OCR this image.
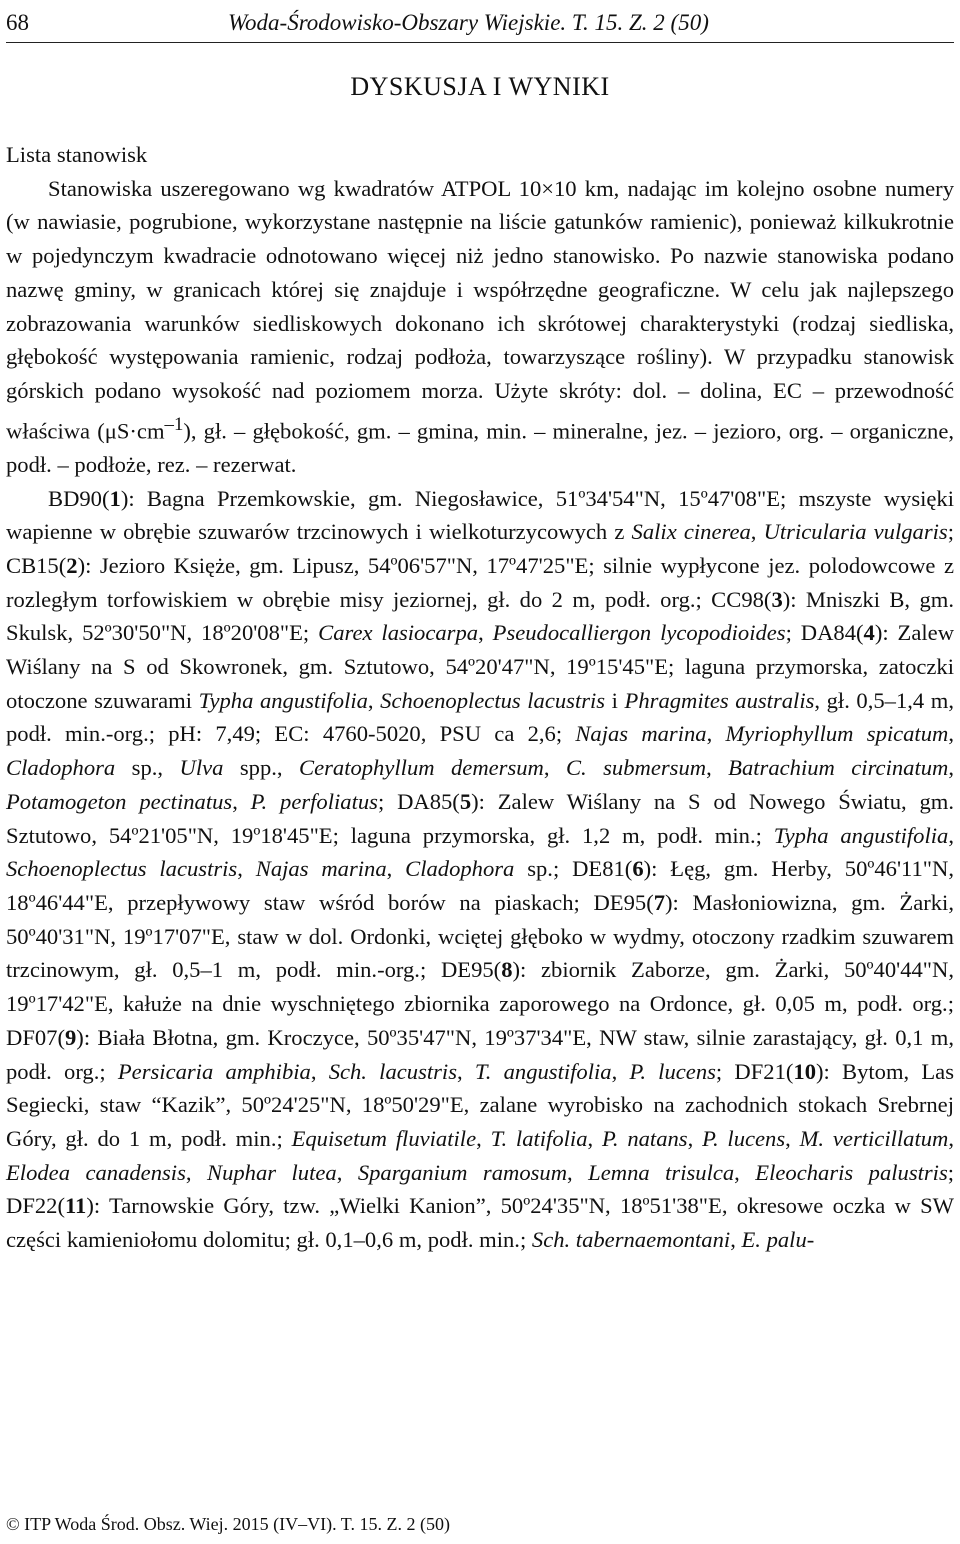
68	Woda-Środowisko-Obszary Wiejskie. T. 15. Z. 2 (50)
DYSKUSJA I WYNIKI
Lista stanowisk

Stanowiska uszeregowano wg kwadratów ATPOL 10×10 km, nadając im kolejno osobne numery (w nawiasie, pogrubione, wykorzystane następnie na liście gatunków ramienic), ponieważ kilkukrotnie w pojedynczym kwadracie odnotowano więcej niż jedno stanowisko. Po nazwie stanowiska podano nazwę gminy, w granicach której się znajduje i współrzędne geograficzne. W celu jak najlepszego zobrazowania warunków siedliskowych dokonano ich skrótowej charakterystyki (rodzaj siedliska, głębokość występowania ramienic, rodzaj podłoża, towarzyszące rośliny). W przypadku stanowisk górskich podano wysokość nad poziomem morza. Użyte skróty: dol. – dolina, EC – przewodność właściwa $(\mu S\cdot cm^{-1})$, gł. – głębokość, gm. – gmina, min. – mineralne, jez. – jezioro, org. – organiczne, podł. – podłoże, rez. – rezerwat.

BD90(1): Bagna Przemkowskie, gm. Niegosławice, 51º34'54"N, 15º47'08"E; mszyste wysięki wapienne w obrębie szuwarów trzcinowych i wielkoturzycowych z Salix cinerea, Utricularia vulgaris; CB15(2): Jezioro Księże, gm. Lipusz, 54º06'57"N, 17º47'25"E; silnie wypłycone jez. polodowcowe z rozległym torfowiskiem w obrębie misy jeziornej, gł. do 2 m, podł. org.; CC98(3): Mniszki B, gm. Skulsk, 52º30'50"N, 18º20'08"E; Carex lasiocarpa, Pseudocalliergon lycopodioides; DA84(4): Zalew Wiślany na S od Skowronek, gm. Sztutowo, 54º20'47"N, 19º15'45"E; laguna przymorska, zatoczki otoczone szuwarami Typha angustifolia, Schoenoplectus lacustris i Phragmites australis, gł. 0,5–1,4 m, podł. min.-org.; pH: 7,49; EC: 4760-5020, PSU ca 2,6; Najas marina, Myriophyllum spicatum, Cladophora sp., Ulva spp., Ceratophyllum demersum, C. submersum, Batrachium circinatum, Potamogeton pectinatus, P. perfoliatus; DA85(5): Zalew Wiślany na S od Nowego Światu, gm. Sztutowo, 54º21'05"N, 19º18'45"E; laguna przymorska, gł. 1,2 m, podł. min.; Typha angustifolia, Schoenoplectus lacustris, Najas marina, Cladophora sp.; DE81(6): Łęg, gm. Herby, 50º46'11"N, 18º46'44"E, przepływowy staw wśród borów na piaskach; DE95(7): Masłoniowizna, gm. Żarki, 50º40'31"N, 19º17'07"E, staw w dol. Ordonki, wciętej głęboko w wydmy, otoczony rzadkim szuwarem trzcinowym, gł. 0,5–1 m, podł. min.-org.; DE95(8): zbiornik Zaborze, gm. Żarki, 50º40'44"N, 19º17'42"E, kałuże na dnie wyschniętego zbiornika zaporowego na Ordonce, gł. 0,05 m, podł. org.; DF07(9): Biała Błotna, gm. Kroczyce, 50º35'47"N, 19º37'34"E, NW staw, silnie zarastający, gł. 0,1 m, podł. org.; Persicaria amphibia, Sch. lacustris, T. angustifolia, P. lucens; DF21(10): Bytom, Las Segiecki, staw “Kazik”, 50º24'25"N, 18º50'29"E, zalane wyrobisko na zachodnich stokach Srebrnej Góry, gł. do 1 m, podł. min.; Equisetum fluviatile, T. latifolia, P. natans, P. lucens, M. verticillatum, Elodea canadensis, Nuphar lutea, Sparganium ramosum, Lemna trisulca, Eleocharis palustris; DF22(11): Tarnowskie Góry, tzw. „Wielki Kanion”, 50º24'35"N, 18º51'38"E, okresowe oczka w SW części kamieniołomu dolomitu; gł. 0,1–0,6 m, podł. min.; Sch. tabernaemontani, E. palu-

© ITP Woda Środ. Obsz. Wiej. 2015 (IV–VI). T. 15. Z. 2 (50)
